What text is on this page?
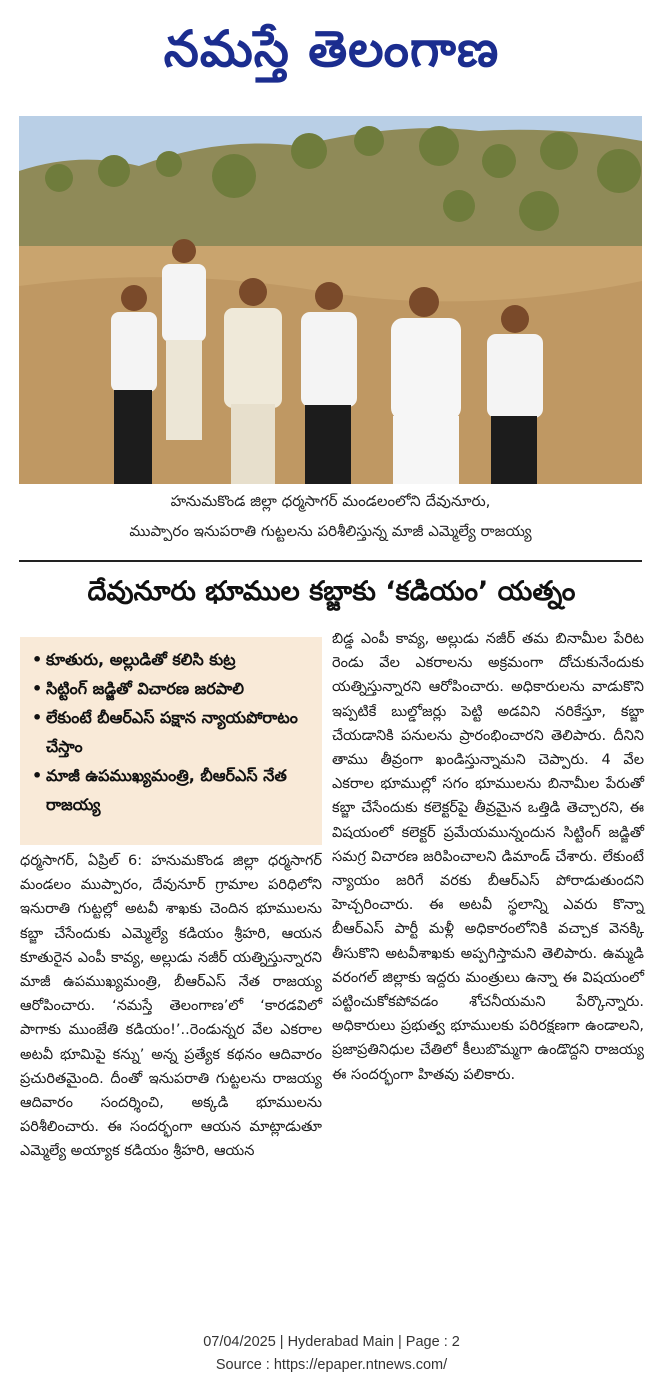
నమస్తే తెలంగాణ
హనుమకొండ జిల్లా ధర్మసాగర్ మండలంలోని దేవునూరు,
ముప్పారం ఇనుపరాతి గుట్టలను పరిశీలిస్తున్న మాజీ ఎమ్మెల్యే రాజయ్య
దేవునూరు భూముల కబ్జాకు ‘కడియం’ యత్నం
• కూతురు, అల్లుడితో కలిసి కుట్ర
• సిట్టింగ్ జడ్జితో విచారణ జరపాలి
• లేకుంటే బీఆర్ఎస్ పక్షాన న్యాయపోరాటం చేస్తాం
• మాజీ ఉపముఖ్యమంత్రి, బీఆర్ఎస్ నేత రాజయ్య
బిడ్డ ఎంపీ కావ్య, అల్లుడు నజీర్ తమ బినామీల పేరిట రెండు వేల ఎకరాలను అక్రమంగా దోచుకునేందుకు యత్నిస్తున్నారని ఆరోపించారు. అధికారులను వాడుకొని ఇప్పటికే బుల్డోజర్లు పెట్టి అడవిని నరికేస్తూ, కబ్జా చేయడానికి పనులను ప్రారంభించారని తెలిపారు. దీనిని తాము తీవ్రంగా ఖండిస్తున్నామని చెప్పారు. 4 వేల ఎకరాల భూముల్లో సగం భూములను బినామీల పేరుతో కబ్జా చేసేందుకు కలెక్టర్‌పై తీవ్రమైన ఒత్తిడి తెచ్చారని, ఈ విషయంలో కలెక్టర్ ప్రమేయమున్నందున సిట్టింగ్ జడ్జితో సమగ్ర విచారణ జరిపించాలని డిమాండ్ చేశారు. లేకుంటే న్యాయం జరిగే వరకు బీఆర్ఎస్ పోరాడుతుందని హెచ్చరించారు. ఈ అటవీ స్థలాన్ని ఎవరు కొన్నా బీఆర్ఎస్ పార్టీ మళ్లీ అధికారంలోనికి వచ్చాక వెనక్కి తీసుకొని అటవీశాఖకు అప్పగిస్తామని తెలిపారు. ఉమ్మడి వరంగల్ జిల్లాకు ఇద్దరు మంత్రులు ఉన్నా ఈ విషయంలో పట్టించుకోకపోవడం శోచనీయమని పేర్కొన్నారు. అధికారులు ప్రభుత్వ భూములకు పరిరక్షణగా ఉండాలని, ప్రజాప్రతినిధుల చేతిలో కీలుబొమ్మగా ఉండొద్దని రాజయ్య ఈ సందర్భంగా హితవు పలికారు.
ధర్మసాగర్, ఏప్రిల్ 6: హనుమకొండ జిల్లా ధర్మసాగర్ మండలం ముప్పారం, దేవునూర్ గ్రామాల పరిధిలోని ఇనురాతి గుట్టల్లో అటవీ శాఖకు చెందిన భూములను కబ్జా చేసేందుకు ఎమ్మెల్యే కడియం శ్రీహరి, ఆయన కూతురైన ఎంపీ కావ్య, అల్లుడు నజీర్ యత్నిస్తున్నారని మాజీ ఉపముఖ్యమంత్రి, బీఆర్ఎస్ నేత రాజయ్య ఆరోపించారు. ‘నమస్తే తెలంగాణ’లో ‘కారడవిలో పాగాకు ముంజేతి కడియం!’..రెండున్నర వేల ఎకరాల అటవీ భూమిపై కన్ను’ అన్న ప్రత్యేక కథనం ఆదివారం ప్రచురితమైంది. దీంతో ఇనుపరాతి గుట్టలను రాజయ్య ఆదివారం సందర్శించి, అక్కడి భూములను పరిశీలించారు. ఈ సందర్భంగా ఆయన మాట్లాడుతూ ఎమ్మెల్యే అయ్యాక కడియం శ్రీహరి, ఆయన
07/04/2025 | Hyderabad Main | Page : 2
Source : https://epaper.ntnews.com/
